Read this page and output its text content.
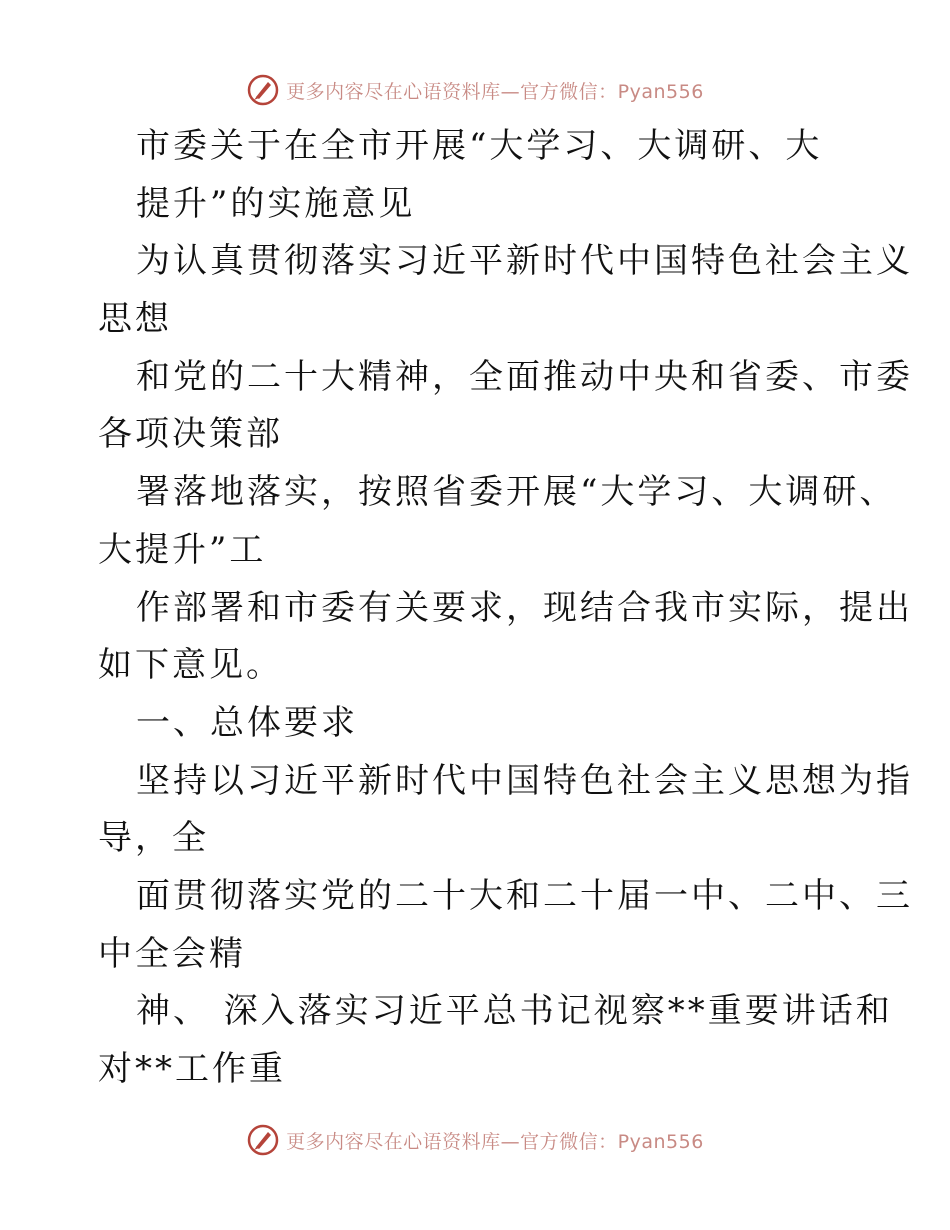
更多内容尽在心语资料库—官方微信：Pyan556
市委关于在全市开展“大学习、大调研、大
提升”的实施意见
为认真贯彻落实习近平新时代中国特色社会主义
思想
和党的二十大精神，全面推动中央和省委、市委
各项决策部
署落地落实，按照省委开展“大学习、大调研、
大提升”工
作部署和市委有关要求，现结合我市实际，提出
如下意见。
一、总体要求
坚持以习近平新时代中国特色社会主义思想为指
导，全
面贯彻落实党的二十大和二十届一中、二中、三
中全会精
神、 深入落实习近平总书记视察**重要讲话和
对**工作重
更多内容尽在心语资料库—官方微信：Pyan556
